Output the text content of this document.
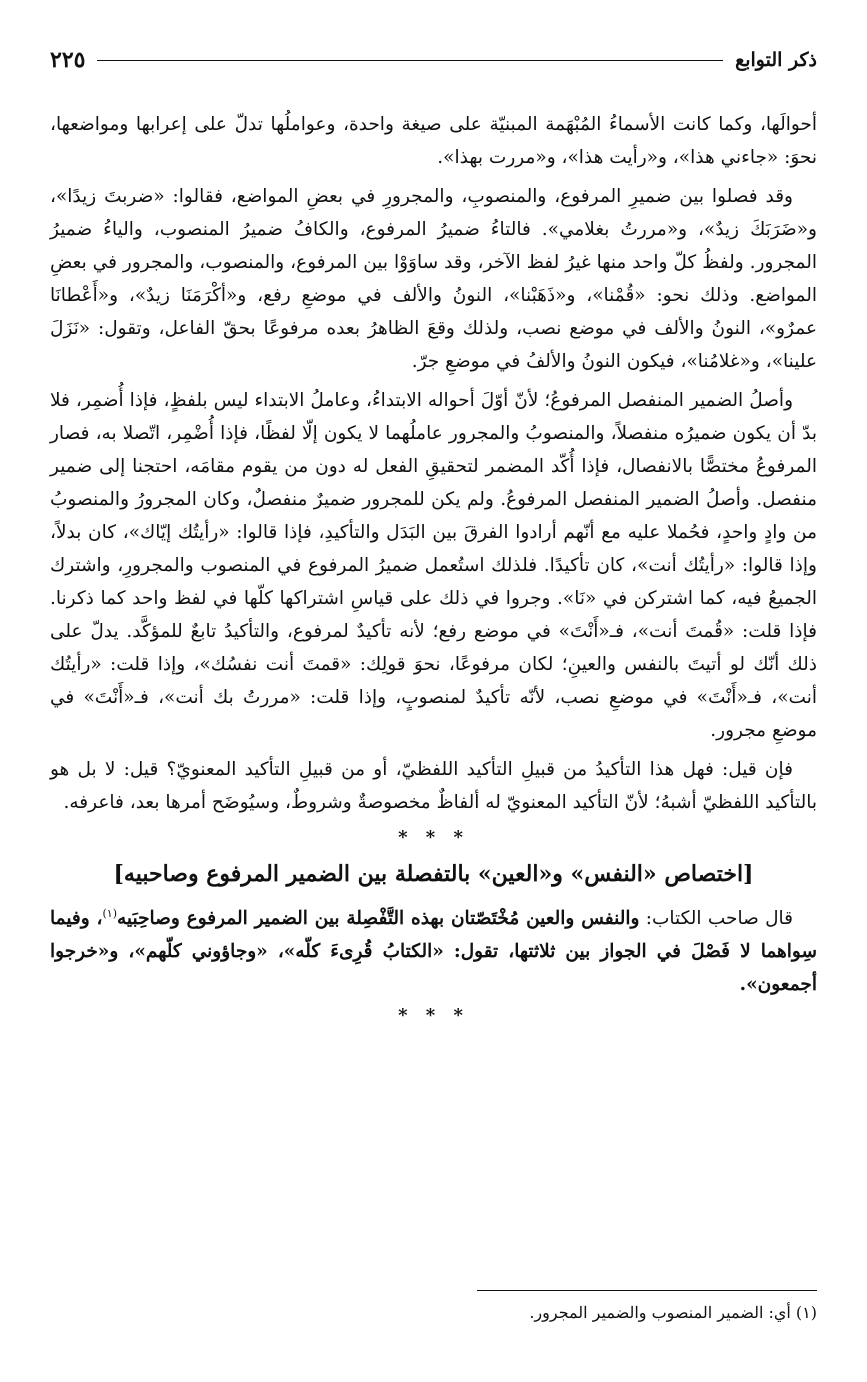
ذكر التوابع
٢٢٥

أحوالَها، وكما كانت الأسماءُ المُبْهَمة المبنيّة على صيغة واحدة، وعواملُها تدلّ على إعرابها ومواضعها، نحوَ: «جاءني هذا»، و«رأيت هذا»، و«مررت بهذا».

وقد فصلوا بين ضميرِ المرفوع، والمنصوبِ، والمجرورِ في بعضِ المواضع، فقالوا: «ضربتَ زيدًا»، و«ضَرَبَكَ زيدٌ»، و«مررتُ بغلامي». فالتاءُ ضميرُ المرفوع، والكافُ ضميرُ المنصوب، والياءُ ضميرُ المجرور. ولفظُ كلّ واحد منها غيرُ لفظ الآخر، وقد ساوَوْا بين المرفوع، والمنصوب، والمجرور في بعضِ المواضع. وذلك نحو: «قُمْنا»، و«ذَهَبْنا»، النونُ والألف في موضعِ رفع، و«أكْرَمَنَا زيدٌ»، و«أَعْطانَا عمرٌو»، النونُ والألف في موضع نصب، ولذلك وقعَ الظاهرُ بعده مرفوعًا بحقّ الفاعل، وتقول: «نَزَلَ علينا»، و«غلامُنا»، فيكون النونُ والألفُ في موضعِ جرّ.

وأصلُ الضمير المنفصل المرفوعُ؛ لأنّ أوّلَ أحواله الابتداءُ، وعاملُ الابتداء ليس بلفظٍ، فإذا أُضمِر، فلا بدّ أن يكون ضميرُه منفصلاً، والمنصوبُ والمجرور عاملُهما لا يكون إلّا لفظًا، فإذا أُضْمِر، اتّصلا به، فصار المرفوعُ مختصًّا بالانفصال، فإذا أُكّد المضمر لتحقيقِ الفعل له دون من يقوم مقامَه، احتجنا إلى ضمير منفصل. وأصلُ الضمير المنفصل المرفوعُ. ولم يكن للمجرور ضميرٌ منفصلٌ، وكان المجرورُ والمنصوبُ من وادٍ واحدٍ، فحُملا عليه مع أنّهم أرادوا الفرقَ بين البَدَل والتأكيدِ، فإذا قالوا: «رأيتُك إيّاك»، كان بدلاً، وإذا قالوا: «رأيتُك أنت»، كان تأكيدًا. فلذلك استُعمل ضميرُ المرفوع في المنصوب والمجرورِ، واشترك الجميعُ فيه، كما اشتركن في «نَا». وجروا في ذلك على قياسِ اشتراكها كلّها في لفظ واحد كما ذكرنا. فإذا قلت: «قُمتَ أنت»، فـ«أَنْتَ» في موضع رفع؛ لأنه تأكيدٌ لمرفوع، والتأكيدُ تابعٌ للمؤكَّد. يدلّ على ذلك أنّك لو أتيتَ بالنفس والعينِ؛ لكان مرفوعًا، نحوَ قولِك: «قمتَ أنت نفسُك»، وإذا قلت: «رأيتُك أنت»، فـ«أَنْتَ» في موضعِ نصب، لأنّه تأكيدٌ لمنصوبٍ، وإذا قلت: «مررتُ بك أنت»، فـ«أَنْتَ» في موضعِ مجرور.

فإن قيل: فهل هذا التأكيدُ من قبيلِ التأكيد اللفظيّ، أو من قبيلِ التأكيد المعنويّ؟ قيل: لا بل هو بالتأكيد اللفظيّ أشبهُ؛ لأنّ التأكيد المعنويّ له ألفاظٌ مخصوصةٌ وشروطٌ، وسيُوضَح أمرها بعد، فاعرفه.

* * *
[اختصاص «النفس» و«العين» بالتفصلة بين الضمير المرفوع وصاحبيه]

قال صاحب الكتاب: والنفس والعين مُخْتَصّتان بهذه التَّفْصِلة بين الضمير المرفوع وصاحِبَيه$^{(١)}$، وفيما سِواهما لا فَصْلَ في الجواز بين ثلاثتها، تقول: «الكتابُ قُرِىءَ كلّه»، «وجاؤوني كلّهم»، و«خرجوا أجمعون».

* * *
(١) أي: الضمير المنصوب والضمير المجرور.
